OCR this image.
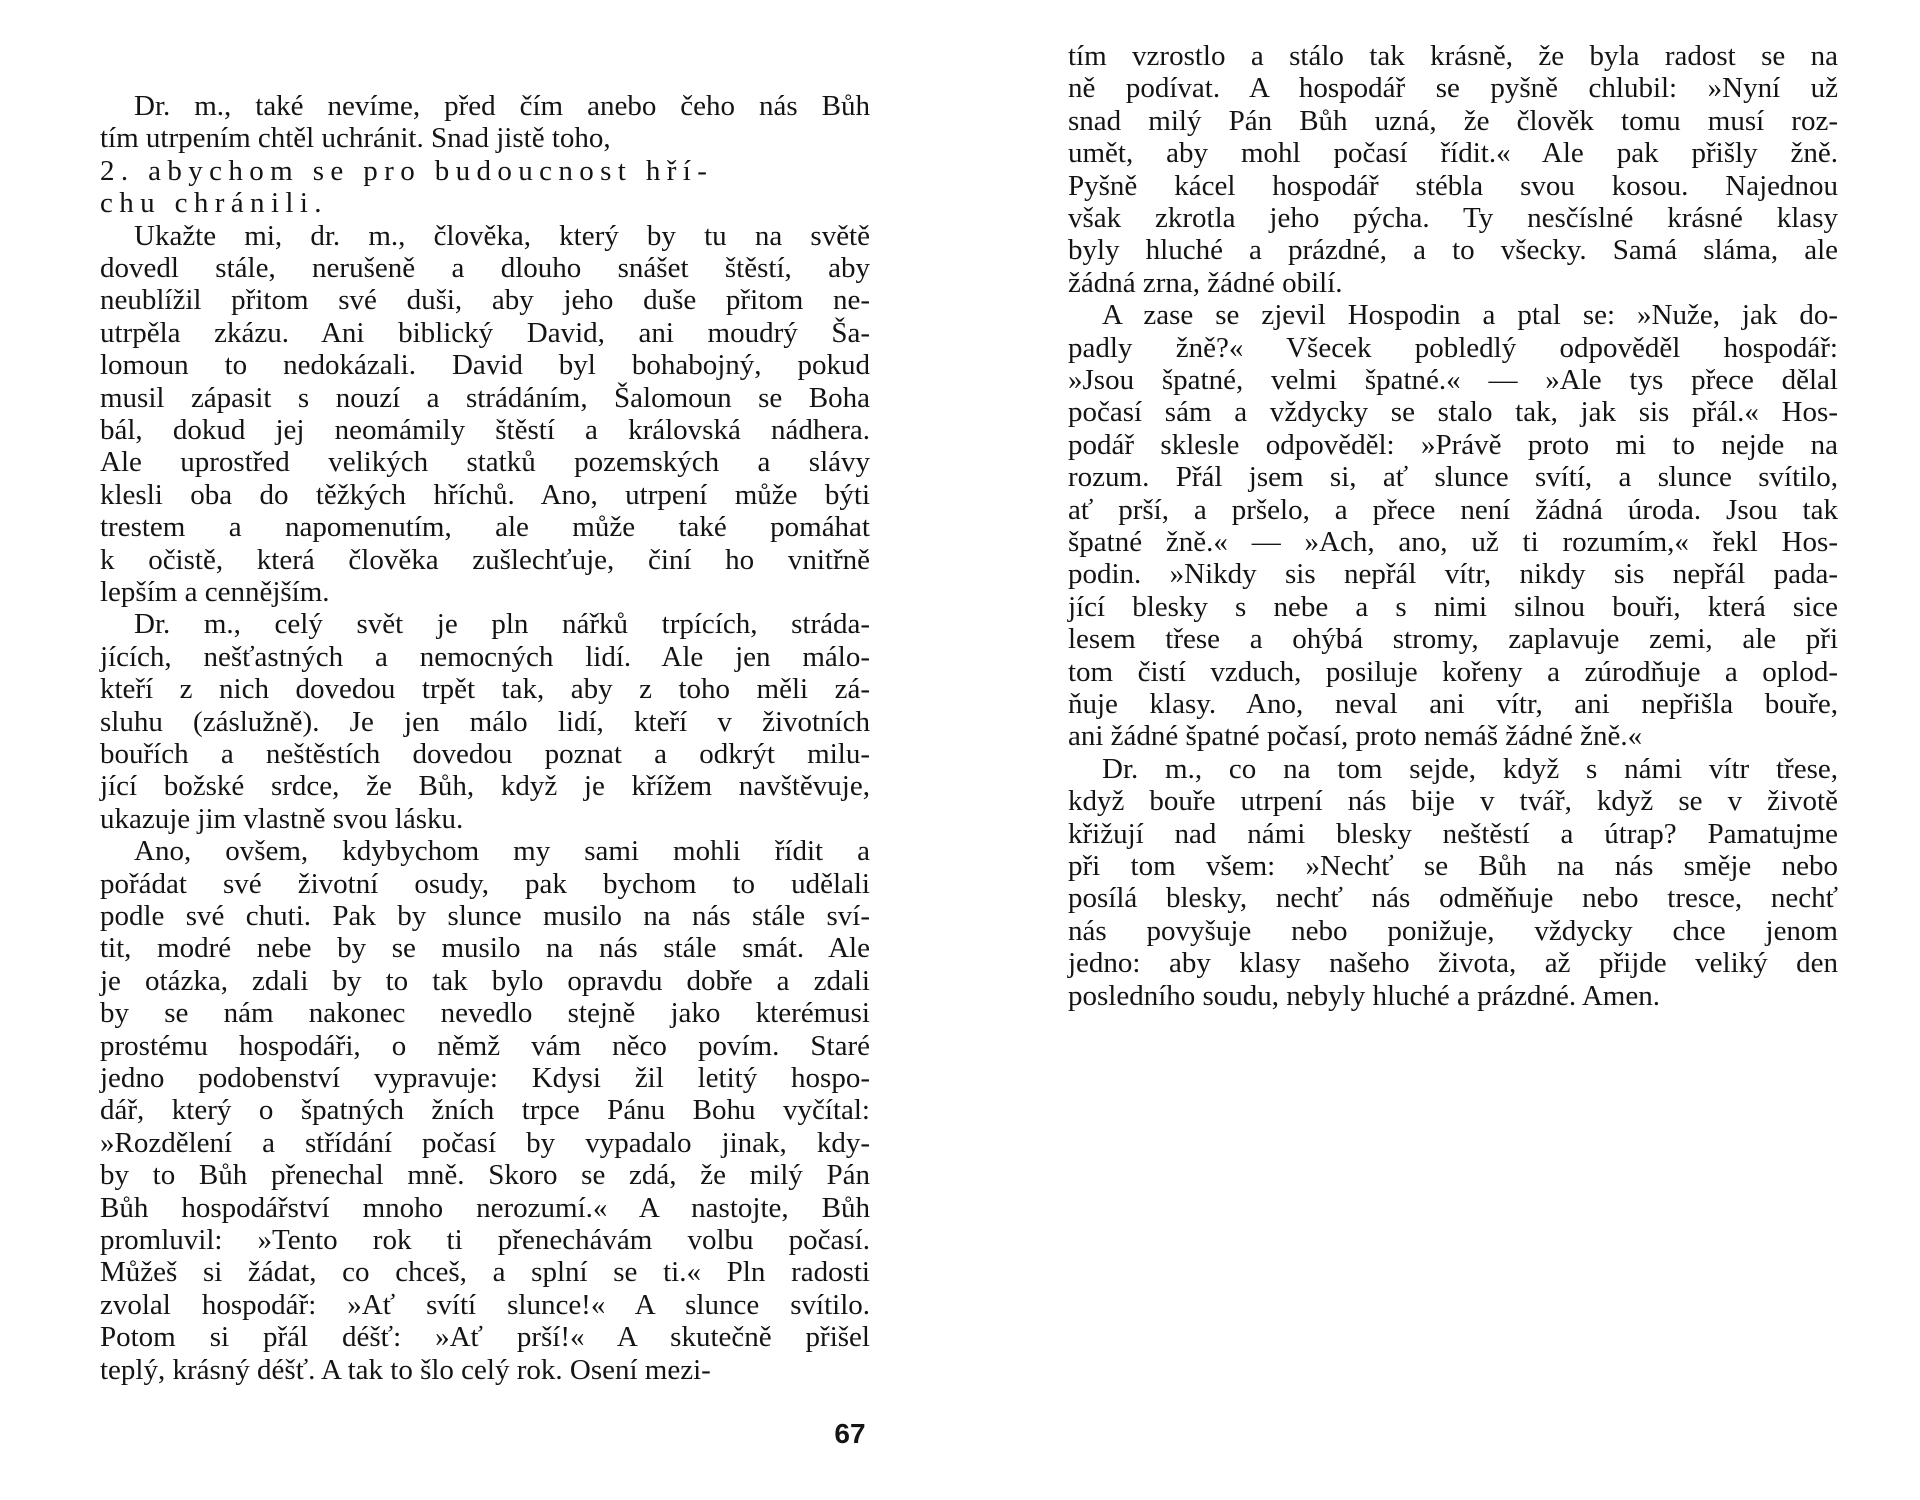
Dr. m., také nevíme, před čím anebo čeho nás Bůh
tím utrpením chtěl uchránit. Snad jistě toho,
2. abychom se pro budoucnost hří-
chu chránili.
Ukažte mi, dr. m., člověka, který by tu na světě
dovedl stále, nerušeně a dlouho snášet štěstí, aby
neublížil přitom své duši, aby jeho duše přitom ne-
utrpěla zkázu. Ani biblický David, ani moudrý Ša-
lomoun to nedokázali. David byl bohabojný, pokud
musil zápasit s nouzí a strádáním, Šalomoun se Boha
bál, dokud jej neomámily štěstí a královská nádhera.
Ale uprostřed velikých statků pozemských a slávy
klesli oba do těžkých hříchů. Ano, utrpení může býti
trestem a napomenutím, ale může také pomáhat
k očistě, která člověka zušlechťuje, činí ho vnitřně
lepším a cennějším.
Dr. m., celý svět je pln nářků trpících, stráda-
jících, nešťastných a nemocných lidí. Ale jen málo-
kteří z nich dovedou trpět tak, aby z toho měli zá-
sluhu (záslužně). Je jen málo lidí, kteří v životních
bouřích a neštěstích dovedou poznat a odkrýt milu-
jící božské srdce, že Bůh, když je křížem navštěvuje,
ukazuje jim vlastně svou lásku.
Ano, ovšem, kdybychom my sami mohli řídit a
pořádat své životní osudy, pak bychom to udělali
podle své chuti. Pak by slunce musilo na nás stále sví-
tit, modré nebe by se musilo na nás stále smát. Ale
je otázka, zdali by to tak bylo opravdu dobře a zdali
by se nám nakonec nevedlo stejně jako kterémusi
prostému hospodáři, o němž vám něco povím. Staré
jedno podobenství vypravuje: Kdysi žil letitý hospo-
dář, který o špatných žních trpce Pánu Bohu vyčítal:
»Rozdělení a střídání počasí by vypadalo jinak, kdy-
by to Bůh přenechal mně. Skoro se zdá, že milý Pán
Bůh hospodářství mnoho nerozumí.« A nastojte, Bůh
promluvil: »Tento rok ti přenechávám volbu počasí.
Můžeš si žádat, co chceš, a splní se ti.« Pln radosti
zvolal hospodář: »Ať svítí slunce!« A slunce svítilo.
Potom si přál déšť: »Ať prší!« A skutečně přišel
teplý, krásný déšť. A tak to šlo celý rok. Osení mezi-
tím vzrostlo a stálo tak krásně, že byla radost se na
ně podívat. A hospodář se pyšně chlubil: »Nyní už
snad milý Pán Bůh uzná, že člověk tomu musí roz-
umět, aby mohl počasí řídit.« Ale pak přišly žně.
Pyšně kácel hospodář stébla svou kosou. Najednou
však zkrotla jeho pýcha. Ty nesčíslné krásné klasy
byly hluché a prázdné, a to všecky. Samá sláma, ale
žádná zrna, žádné obilí.
A zase se zjevil Hospodin a ptal se: »Nuže, jak do-
padly žně?« Všecek pobledlý odpověděl hospodář:
»Jsou špatné, velmi špatné.« — »Ale tys přece dělal
počasí sám a vždycky se stalo tak, jak sis přál.« Hos-
podář sklesle odpověděl: »Právě proto mi to nejde na
rozum. Přál jsem si, ať slunce svítí, a slunce svítilo,
ať prší, a pršelo, a přece není žádná úroda. Jsou tak
špatné žně.« — »Ach, ano, už ti rozumím,« řekl Hos-
podin. »Nikdy sis nepřál vítr, nikdy sis nepřál pada-
jící blesky s nebe a s nimi silnou bouři, která sice
lesem třese a ohýbá stromy, zaplavuje zemi, ale při
tom čistí vzduch, posiluje kořeny a zúrodňuje a oplod-
ňuje klasy. Ano, neval ani vítr, ani nepřišla bouře,
ani žádné špatné počasí, proto nemáš žádné žně.«
Dr. m., co na tom sejde, když s námi vítr třese,
když bouře utrpení nás bije v tvář, když se v životě
křižují nad námi blesky neštěstí a útrap? Pamatujme
při tom všem: »Nechť se Bůh na nás směje nebo
posílá blesky, nechť nás odměňuje nebo tresce, nechť
nás povyšuje nebo ponižuje, vždycky chce jenom
jedno: aby klasy našeho života, až přijde veliký den
posledního soudu, nebyly hluché a prázdné. Amen.
67
